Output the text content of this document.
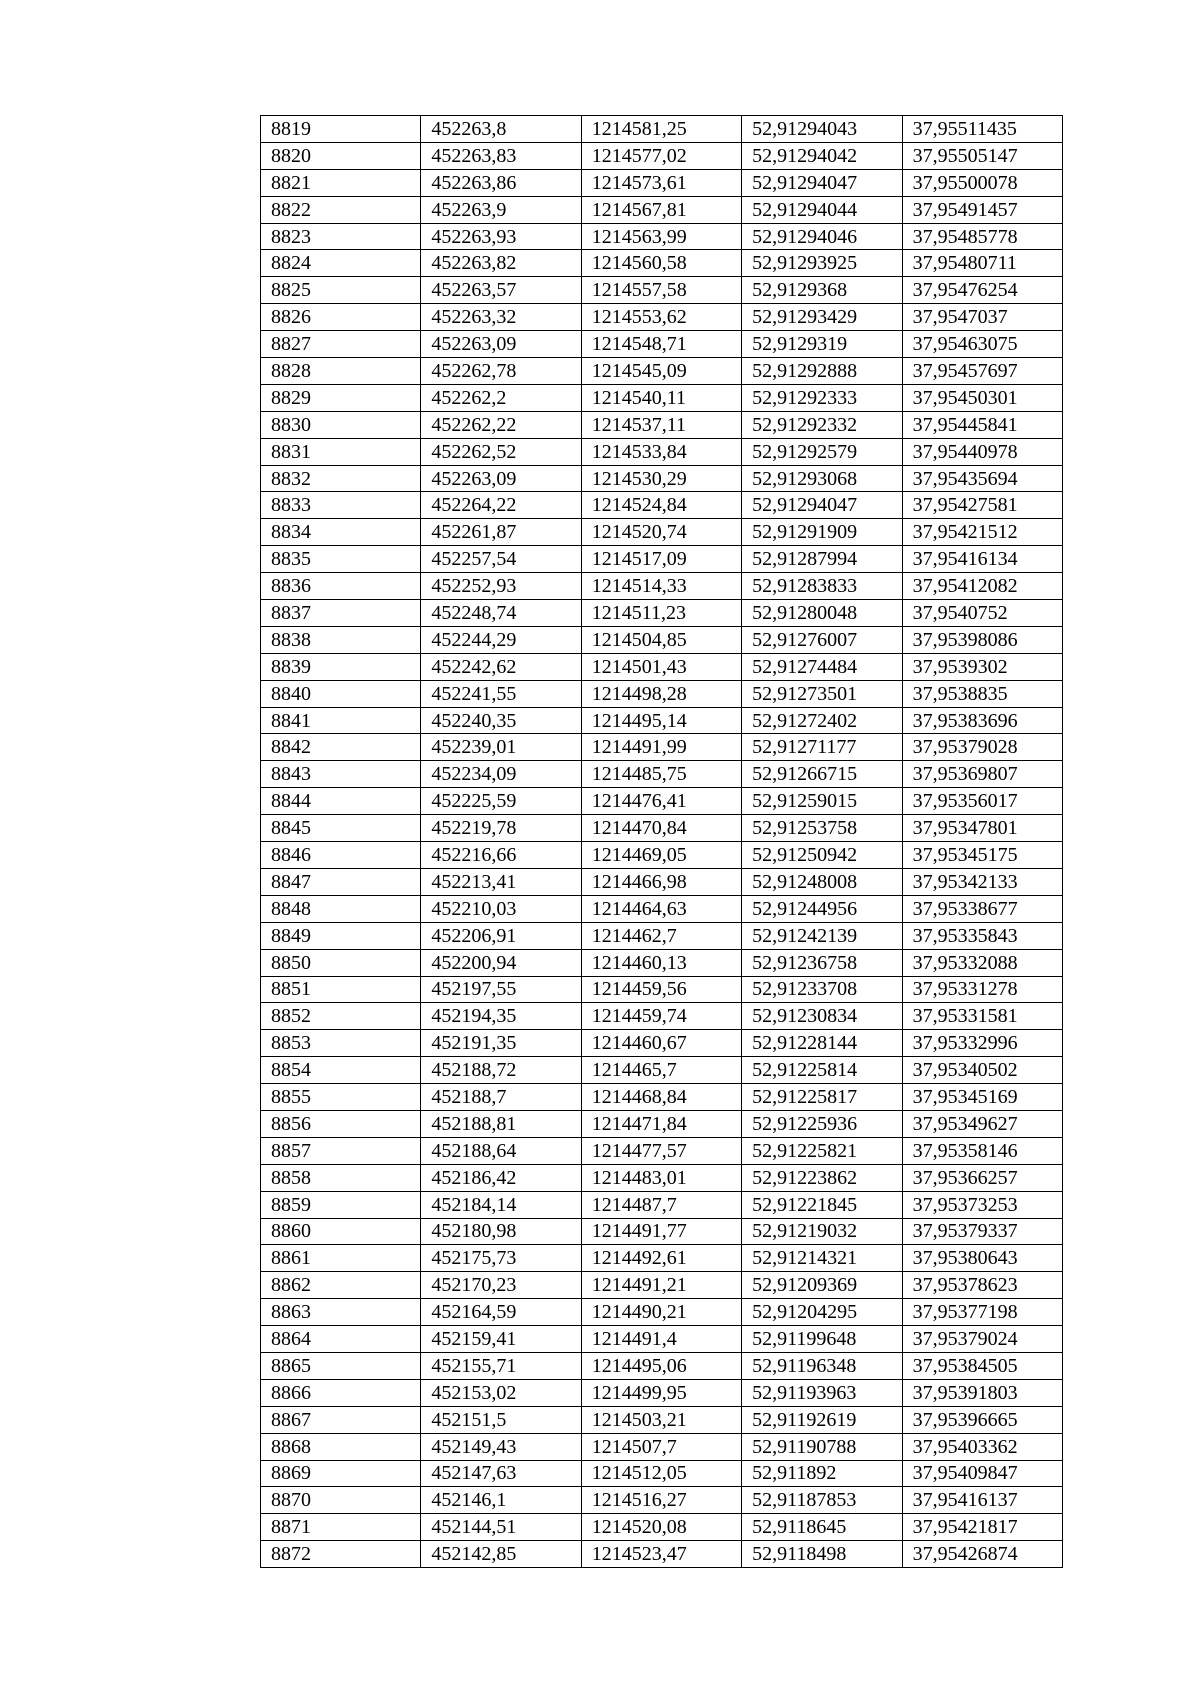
8819	452263,8	1214581,25	52,91294043	37,95511435
8820	452263,83	1214577,02	52,91294042	37,95505147
8821	452263,86	1214573,61	52,91294047	37,95500078
8822	452263,9	1214567,81	52,91294044	37,95491457
8823	452263,93	1214563,99	52,91294046	37,95485778
8824	452263,82	1214560,58	52,91293925	37,95480711
8825	452263,57	1214557,58	52,9129368	37,95476254
8826	452263,32	1214553,62	52,91293429	37,9547037
8827	452263,09	1214548,71	52,9129319	37,95463075
8828	452262,78	1214545,09	52,91292888	37,95457697
8829	452262,2	1214540,11	52,91292333	37,95450301
8830	452262,22	1214537,11	52,91292332	37,95445841
8831	452262,52	1214533,84	52,91292579	37,95440978
8832	452263,09	1214530,29	52,91293068	37,95435694
8833	452264,22	1214524,84	52,91294047	37,95427581
8834	452261,87	1214520,74	52,91291909	37,95421512
8835	452257,54	1214517,09	52,91287994	37,95416134
8836	452252,93	1214514,33	52,91283833	37,95412082
8837	452248,74	1214511,23	52,91280048	37,9540752
8838	452244,29	1214504,85	52,91276007	37,95398086
8839	452242,62	1214501,43	52,91274484	37,9539302
8840	452241,55	1214498,28	52,91273501	37,9538835
8841	452240,35	1214495,14	52,91272402	37,95383696
8842	452239,01	1214491,99	52,91271177	37,95379028
8843	452234,09	1214485,75	52,91266715	37,95369807
8844	452225,59	1214476,41	52,91259015	37,95356017
8845	452219,78	1214470,84	52,91253758	37,95347801
8846	452216,66	1214469,05	52,91250942	37,95345175
8847	452213,41	1214466,98	52,91248008	37,95342133
8848	452210,03	1214464,63	52,91244956	37,95338677
8849	452206,91	1214462,7	52,91242139	37,95335843
8850	452200,94	1214460,13	52,91236758	37,95332088
8851	452197,55	1214459,56	52,91233708	37,95331278
8852	452194,35	1214459,74	52,91230834	37,95331581
8853	452191,35	1214460,67	52,91228144	37,95332996
8854	452188,72	1214465,7	52,91225814	37,95340502
8855	452188,7	1214468,84	52,91225817	37,95345169
8856	452188,81	1214471,84	52,91225936	37,95349627
8857	452188,64	1214477,57	52,91225821	37,95358146
8858	452186,42	1214483,01	52,91223862	37,95366257
8859	452184,14	1214487,7	52,91221845	37,95373253
8860	452180,98	1214491,77	52,91219032	37,95379337
8861	452175,73	1214492,61	52,91214321	37,95380643
8862	452170,23	1214491,21	52,91209369	37,95378623
8863	452164,59	1214490,21	52,91204295	37,95377198
8864	452159,41	1214491,4	52,91199648	37,95379024
8865	452155,71	1214495,06	52,91196348	37,95384505
8866	452153,02	1214499,95	52,91193963	37,95391803
8867	452151,5	1214503,21	52,91192619	37,95396665
8868	452149,43	1214507,7	52,91190788	37,95403362
8869	452147,63	1214512,05	52,911892	37,95409847
8870	452146,1	1214516,27	52,91187853	37,95416137
8871	452144,51	1214520,08	52,9118645	37,95421817
8872	452142,85	1214523,47	52,9118498	37,95426874
